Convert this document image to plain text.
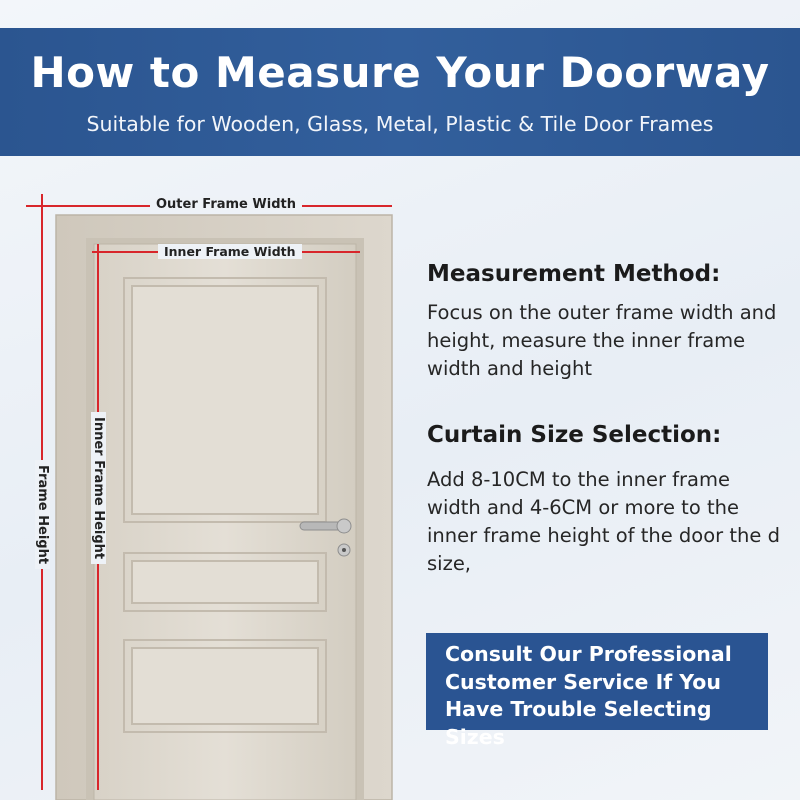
How to Measure Your Doorway
Suitable for Wooden, Glass, Metal, Plastic & Tile Door Frames
Outer Frame Width
Inner Frame Width
Inner Frame Height
Frame Height
Measurement Method:
Focus on the outer frame width and height, measure the inner frame width and height
Curtain Size Selection:
Add 8-10CM to the inner frame width and 4-6CM or more to the inner frame height of the door the d size,
Consult Our Professional
Customer Service If You
Have Trouble Selecting Sizes
